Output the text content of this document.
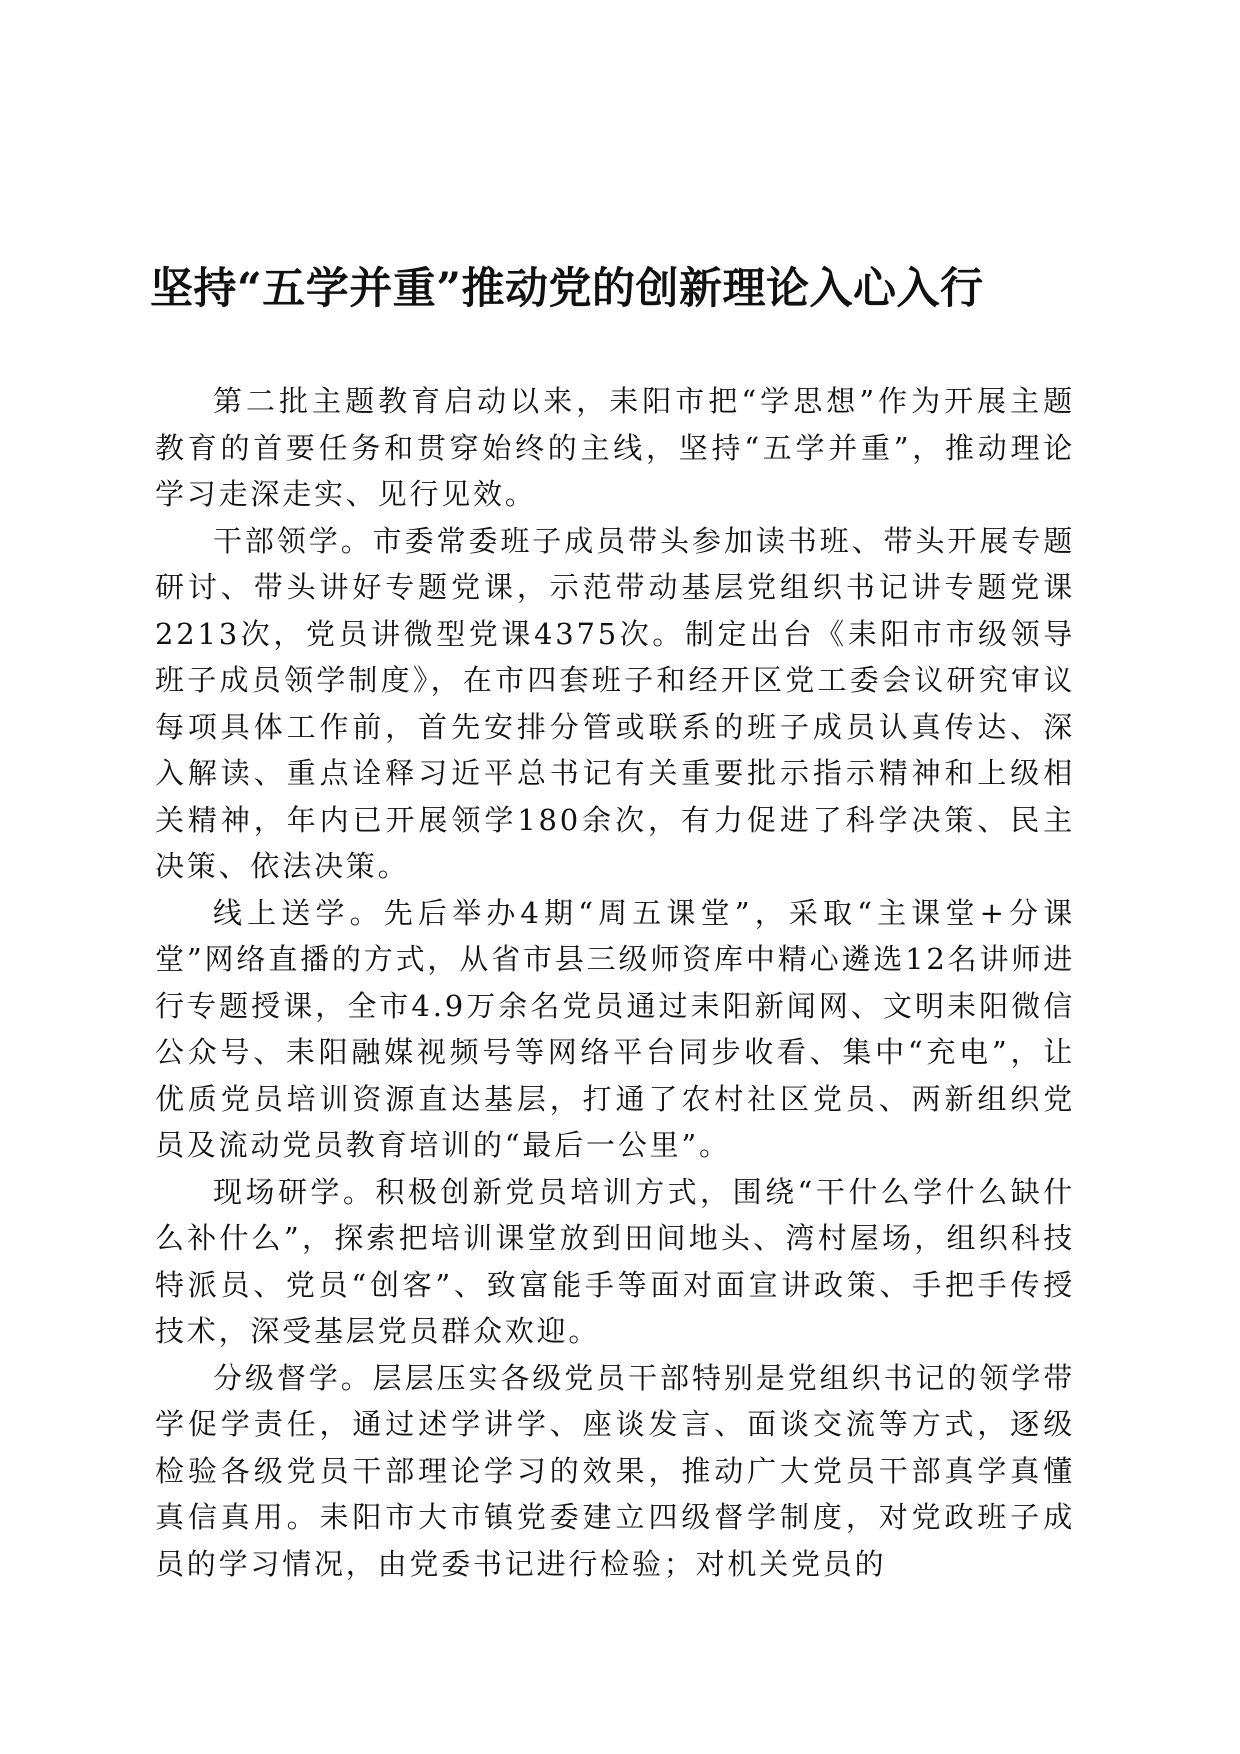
坚持“五学并重”推动党的创新理论入心入行

第二批主题教育启动以来，耒阳市把“学思想”作为开展主题教育的首要任务和贯穿始终的主线，坚持“五学并重”，推动理论学习走深走实、见行见效。

干部领学。市委常委班子成员带头参加读书班、带头开展专题研讨、带头讲好专题党课，示范带动基层党组织书记讲专题党课2213次，党员讲微型党课4375次。制定出台《耒阳市市级领导班子成员领学制度》，在市四套班子和经开区党工委会议研究审议每项具体工作前，首先安排分管或联系的班子成员认真传达、深入解读、重点诠释习近平总书记有关重要批示指示精神和上级相关精神，年内已开展领学180余次，有力促进了科学决策、民主决策、依法决策。

线上送学。先后举办4期“周五课堂”，采取“主课堂+分课堂”网络直播的方式，从省市县三级师资库中精心遴选12名讲师进行专题授课，全市4.9万余名党员通过耒阳新闻网、文明耒阳微信公众号、耒阳融媒视频号等网络平台同步收看、集中“充电”，让优质党员培训资源直达基层，打通了农村社区党员、两新组织党员及流动党员教育培训的“最后一公里”。

现场研学。积极创新党员培训方式，围绕“干什么学什么缺什么补什么”，探索把培训课堂放到田间地头、湾村屋场，组织科技特派员、党员“创客”、致富能手等面对面宣讲政策、手把手传授技术，深受基层党员群众欢迎。

分级督学。层层压实各级党员干部特别是党组织书记的领学带学促学责任，通过述学讲学、座谈发言、面谈交流等方式，逐级检验各级党员干部理论学习的效果，推动广大党员干部真学真懂真信真用。耒阳市大市镇党委建立四级督学制度，对党政班子成员的学习情况，由党委书记进行检验；对机关党员的
